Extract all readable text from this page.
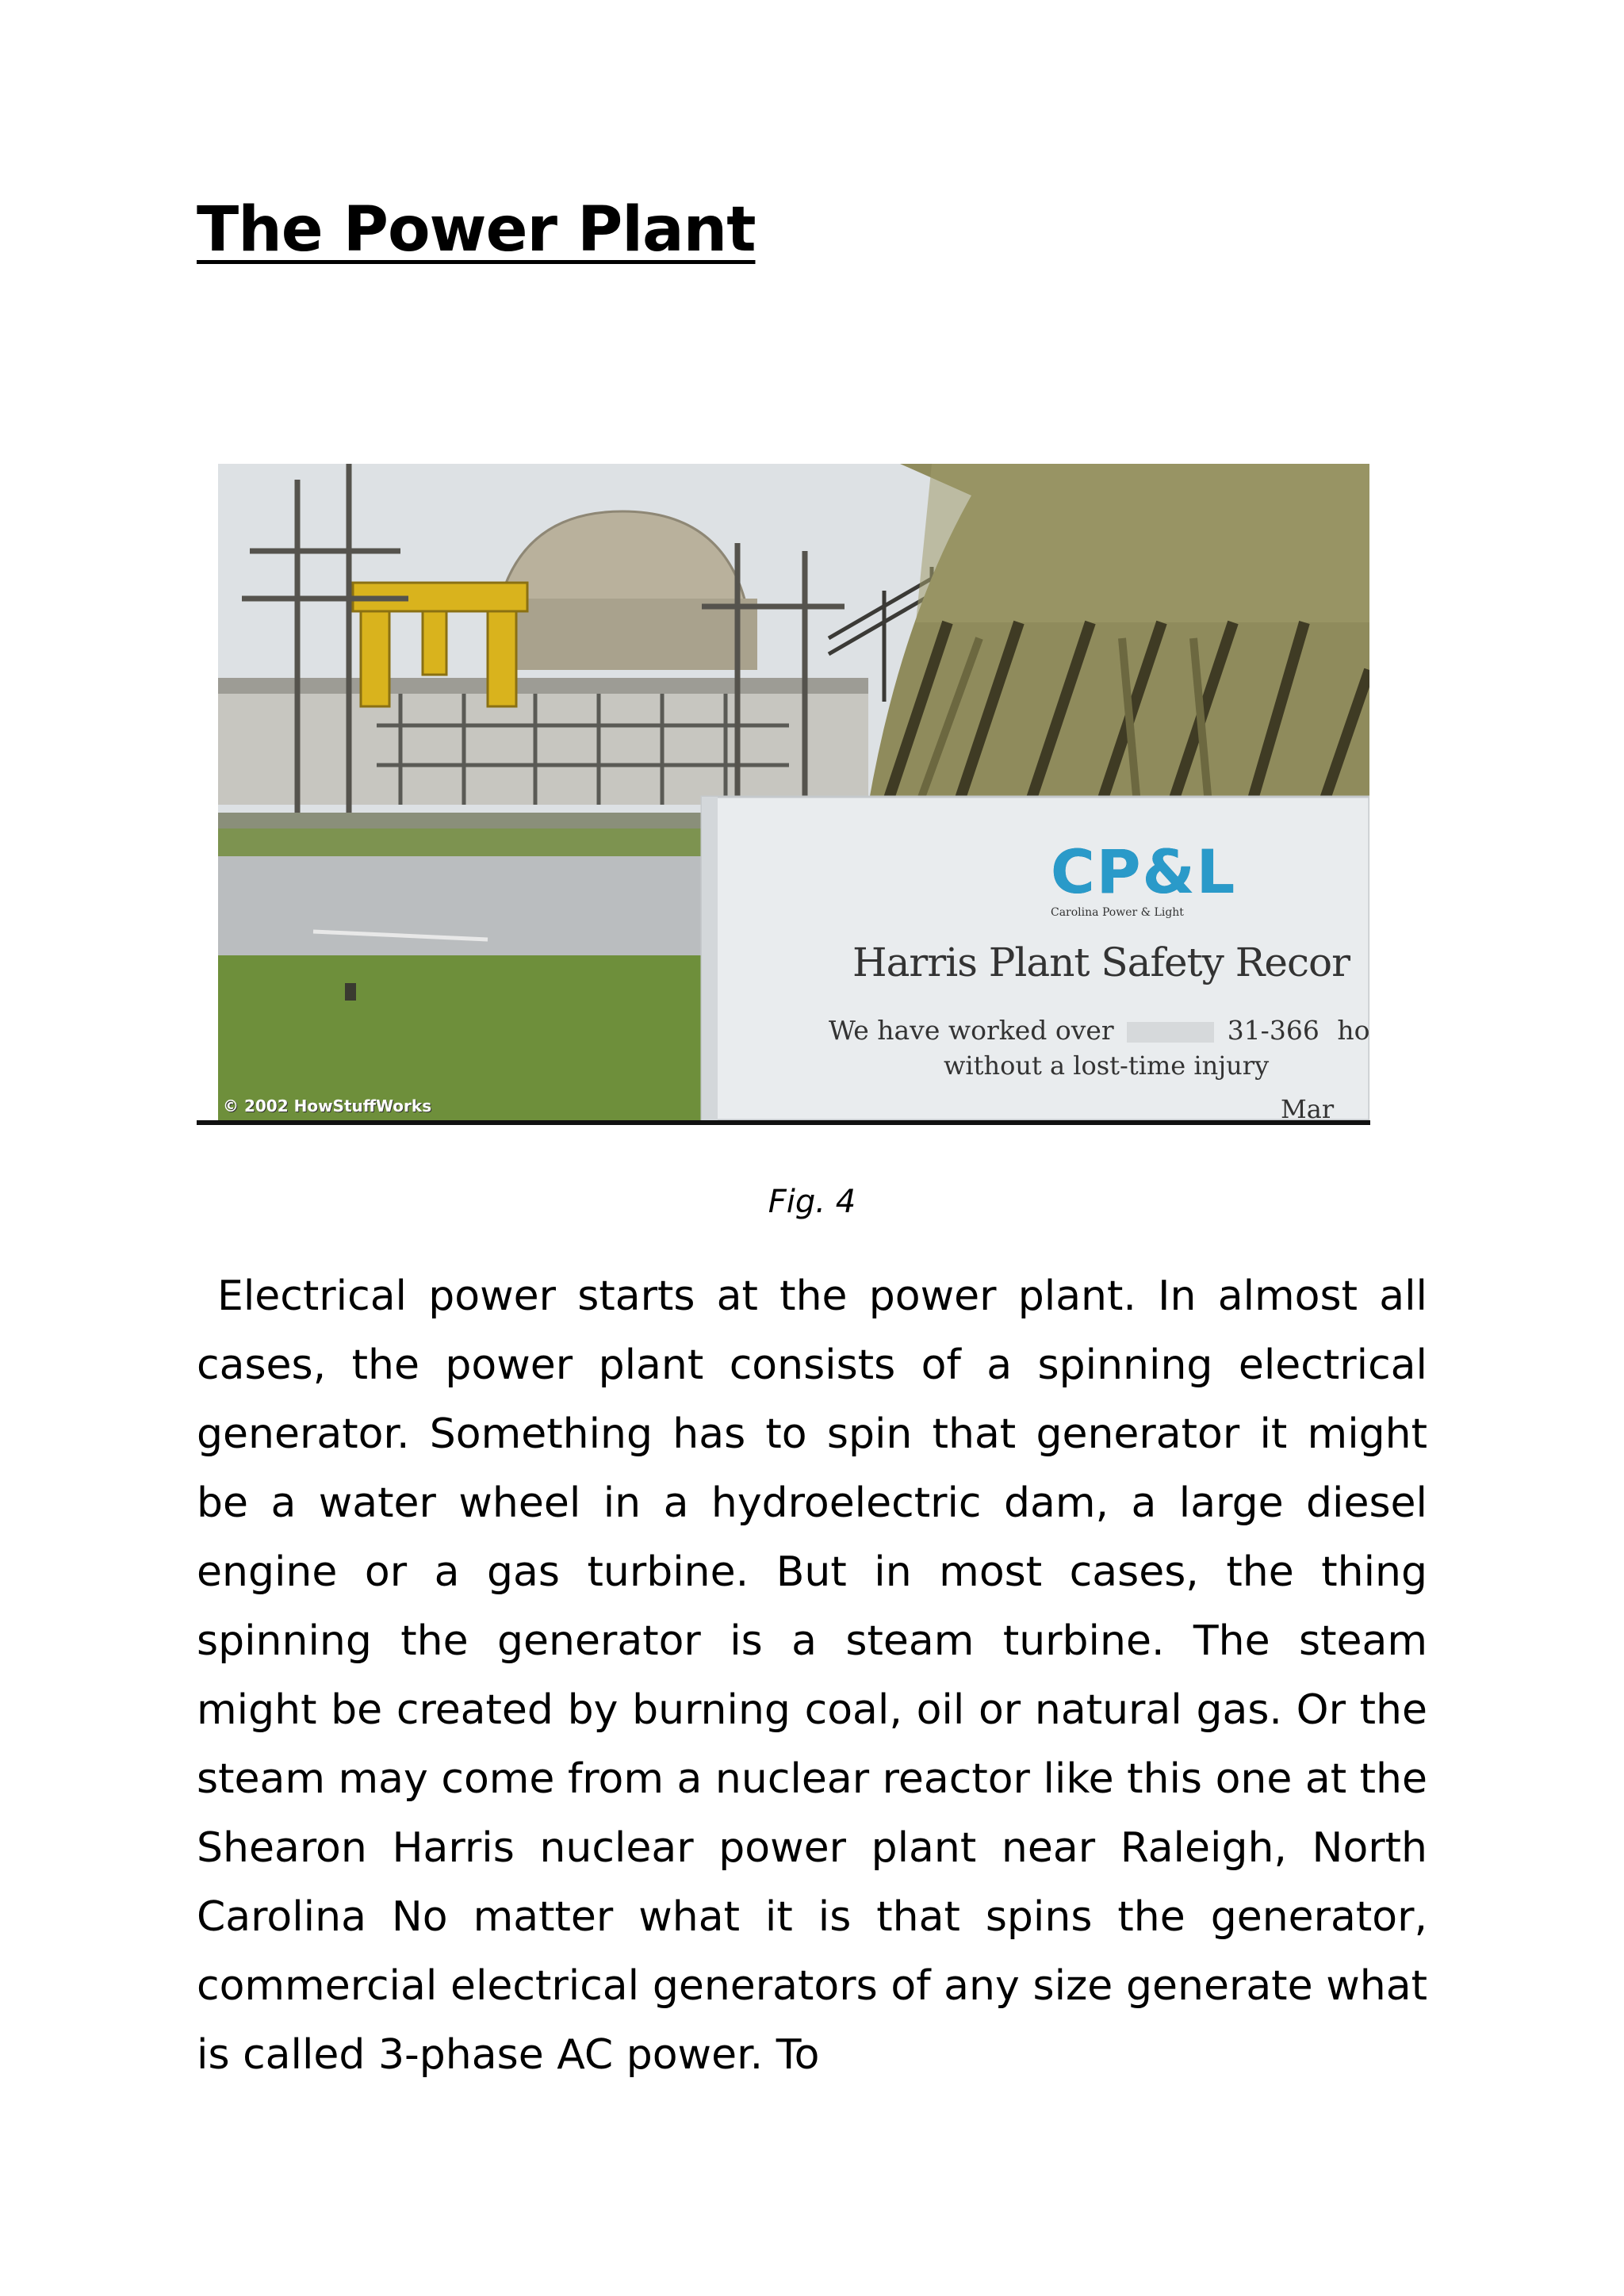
The Power Plant
CP&L
Carolina Power & Light
Harris Plant Safety Recor
We have worked over	31-366 ho
without a lost-time injury
Mar
© 2002 HowStuffWorks
Fig. 4

Electrical power starts at the power plant. In almost all cases, the power plant consists of a spinning electrical generator. Something has to spin that generator it might be a water wheel in a hydroelectric dam, a large diesel engine or a gas turbine. But in most cases, the thing spinning the generator is a steam turbine. The steam might be created by burning coal, oil or natural gas. Or the steam may come from a nuclear reactor like this one at the Shearon Harris nuclear power plant near Raleigh, North Carolina No matter what it is that spins the generator, commercial electrical generators of any size generate what is called 3-phase AC power. To
